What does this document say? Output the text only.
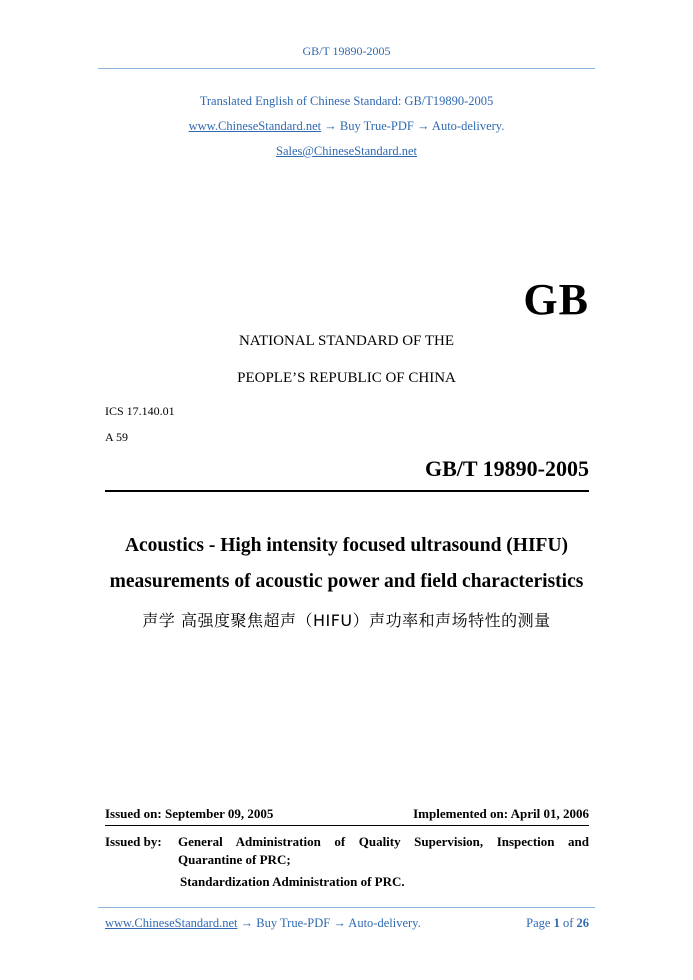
GB/T 19890-2005
Translated English of Chinese Standard: GB/T19890-2005
www.ChineseStandard.net → Buy True-PDF → Auto-delivery.
Sales@ChineseStandard.net
GB
NATIONAL STANDARD OF THE
PEOPLE’S REPUBLIC OF CHINA
ICS 17.140.01
A 59
GB/T 19890-2005
Acoustics - High intensity focused ultrasound (HIFU)
measurements of acoustic power and field characteristics
声学 高强度聚焦超声（HIFU）声功率和声场特性的测量
Issued on: September 09, 2005	Implemented on: April 01, 2006
Issued by: General Administration of Quality Supervision, Inspection and
Quarantine of PRC;
Standardization Administration of PRC.
www.ChineseStandard.net → Buy True-PDF → Auto-delivery.	Page 1 of 26
